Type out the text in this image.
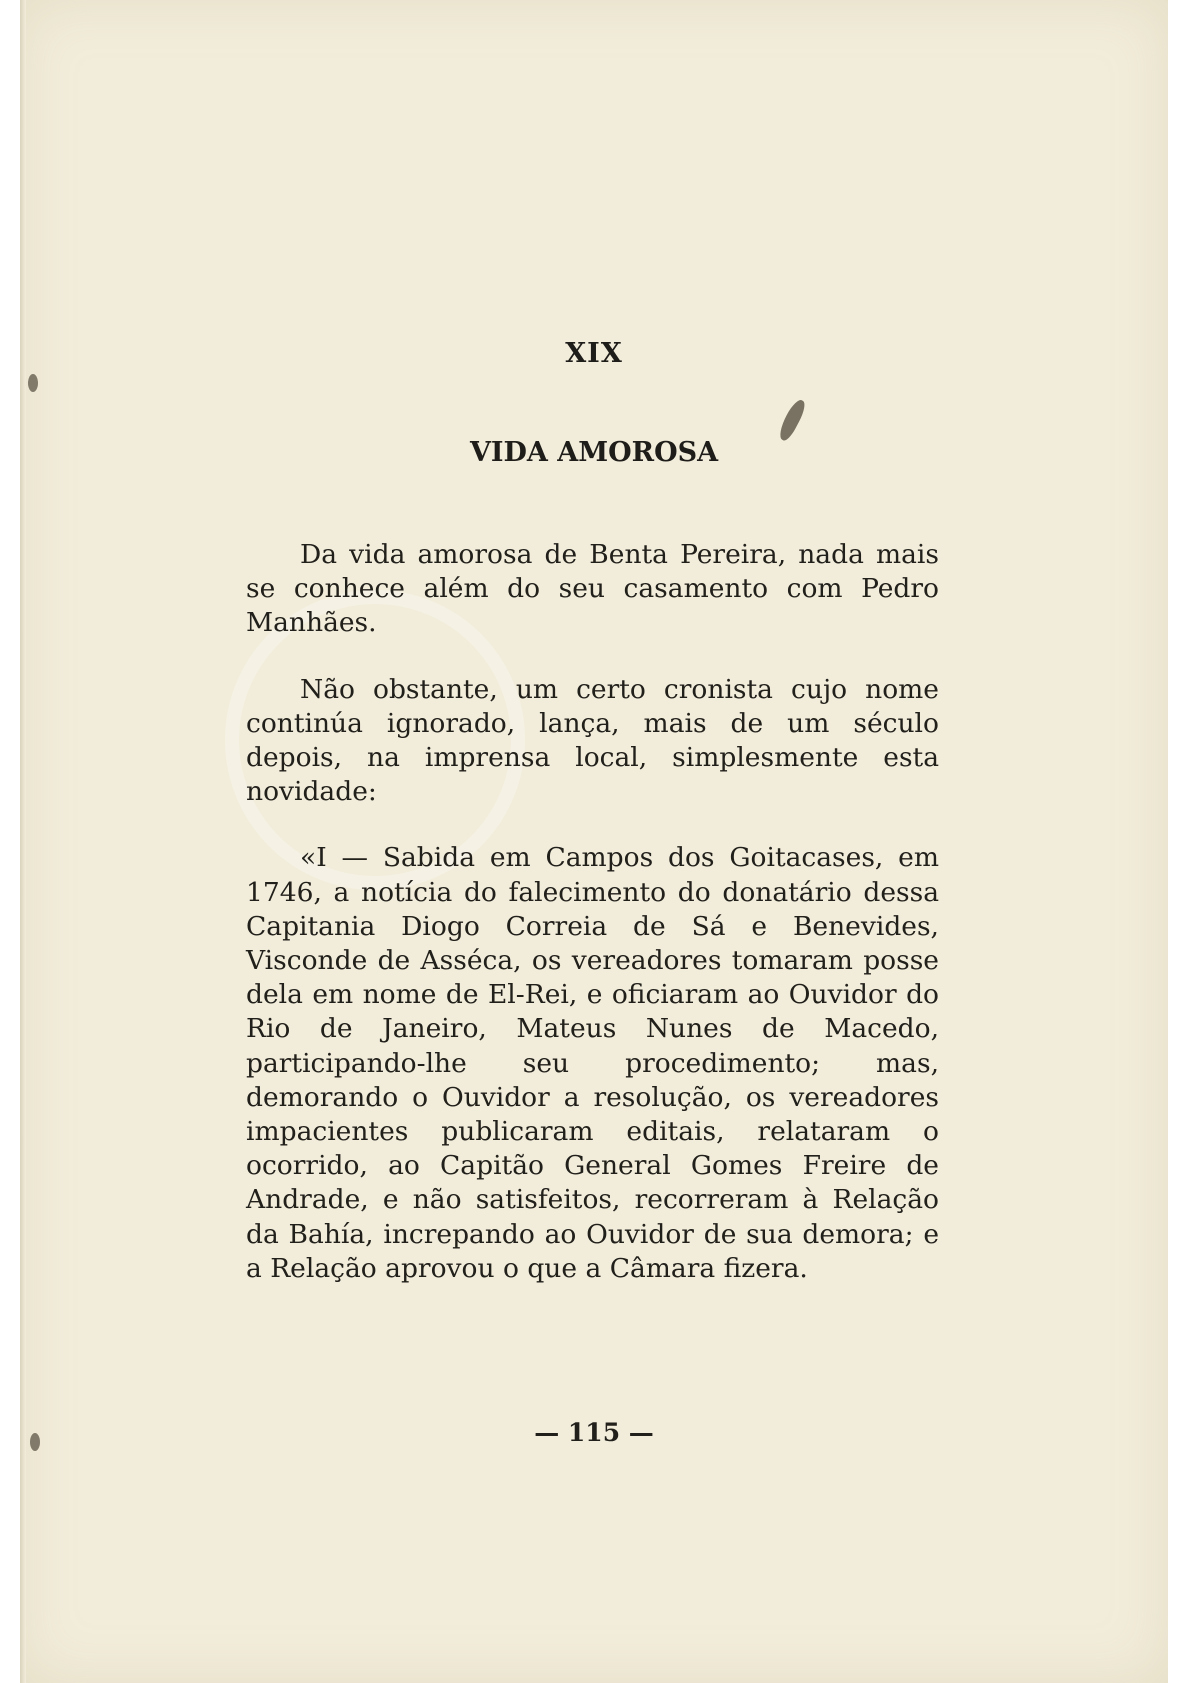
XIX
VIDA AMOROSA

Da vida amorosa de Benta Pereira, nada mais se conhece além do seu casamento com Pedro Manhães.

Não obstante, um certo cronista cujo nome continúa ignorado, lança, mais de um século depois, na imprensa local, simplesmente esta novidade:

«I — Sabida em Campos dos Goitacases, em 1746, a notícia do falecimento do donatário dessa Capitania Diogo Correia de Sá e Benevides, Visconde de Asséca, os vereadores tomaram posse dela em nome de El-Rei, e oficiaram ao Ouvidor do Rio de Janeiro, Mateus Nunes de Macedo, participando-lhe seu procedimento; mas, demorando o Ouvidor a resolução, os vereadores impacientes publicaram editais, relataram o ocorrido, ao Capitão General Gomes Freire de Andrade, e não satisfeitos, recorreram à Relação da Bahía, increpando ao Ouvidor de sua demora; e a Relação aprovou o que a Câmara fizera.

— 115 —
